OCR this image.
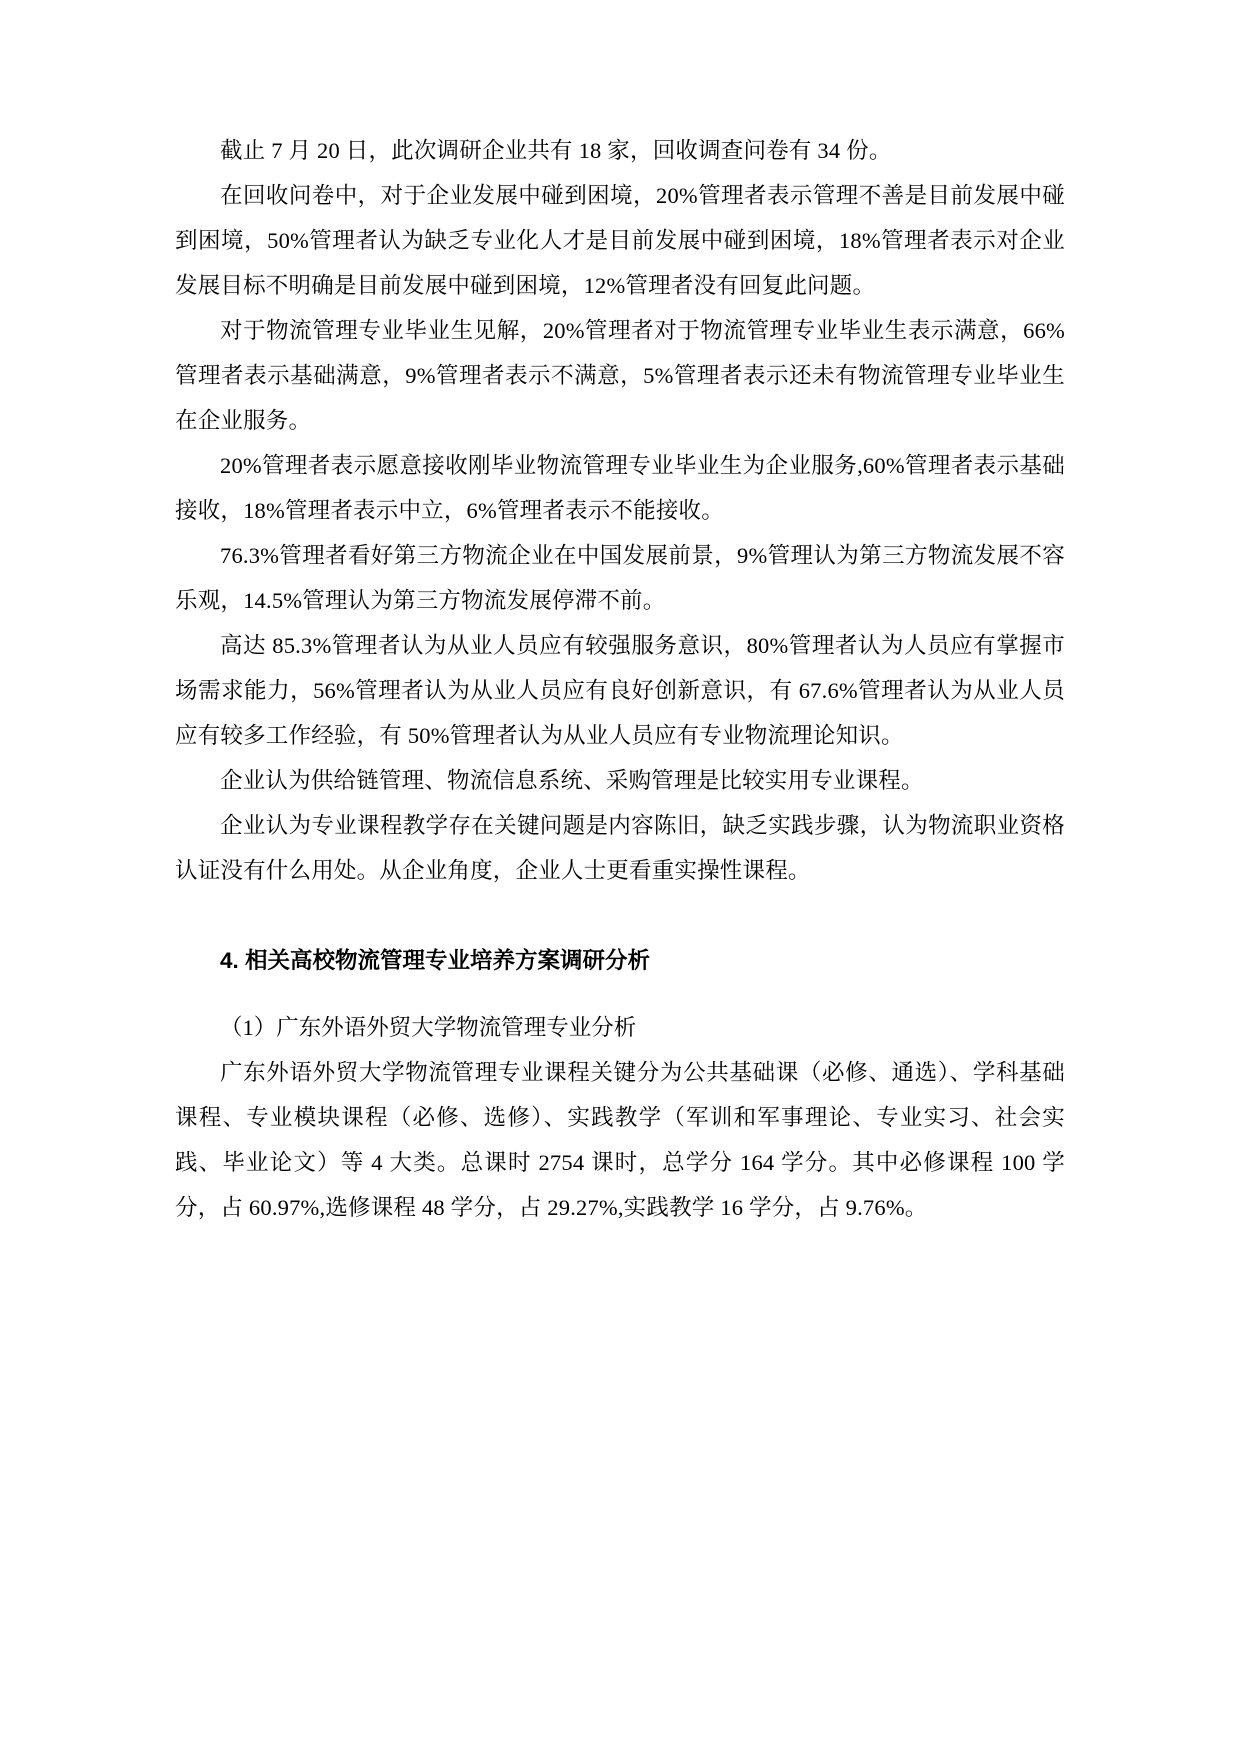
截止 7 月 20 日，此次调研企业共有 18 家，回收调查问卷有 34 份。

在回收问卷中，对于企业发展中碰到困境，20%管理者表示管理不善是目前发展中碰到困境，50%管理者认为缺乏专业化人才是目前发展中碰到困境，18%管理者表示对企业发展目标不明确是目前发展中碰到困境，12%管理者没有回复此问题。

对于物流管理专业毕业生见解，20%管理者对于物流管理专业毕业生表示满意，66%管理者表示基础满意，9%管理者表示不满意，5%管理者表示还未有物流管理专业毕业生在企业服务。

20%管理者表示愿意接收刚毕业物流管理专业毕业生为企业服务,60%管理者表示基础接收，18%管理者表示中立，6%管理者表示不能接收。

76.3%管理者看好第三方物流企业在中国发展前景，9%管理认为第三方物流发展不容乐观，14.5%管理认为第三方物流发展停滞不前。

高达 85.3%管理者认为从业人员应有较强服务意识，80%管理者认为人员应有掌握市场需求能力，56%管理者认为从业人员应有良好创新意识，有 67.6%管理者认为从业人员应有较多工作经验，有 50%管理者认为从业人员应有专业物流理论知识。

企业认为供给链管理、物流信息系统、采购管理是比较实用专业课程。

企业认为专业课程教学存在关键问题是内容陈旧，缺乏实践步骤，认为物流职业资格认证没有什么用处。从企业角度，企业人士更看重实操性课程。

4. 相关高校物流管理专业培养方案调研分析
（1）广东外语外贸大学物流管理专业分析

广东外语外贸大学物流管理专业课程关键分为公共基础课（必修、通选）、学科基础课程、专业模块课程（必修、选修）、实践教学（军训和军事理论、专业实习、社会实践、毕业论文）等 4 大类。总课时 2754 课时，总学分 164 学分。其中必修课程 100 学分，占 60.97%,选修课程 48 学分，占 29.27%,实践教学 16 学分，占 9.76%。
